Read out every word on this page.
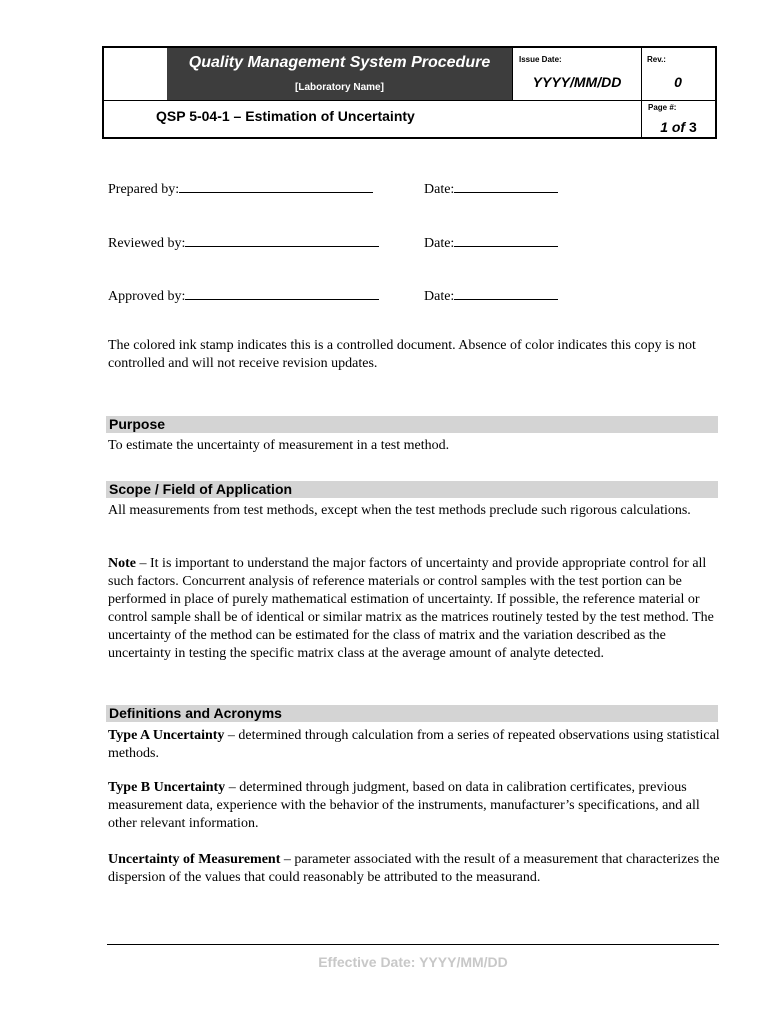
Quality Management System Procedure
[Laboratory Name]
Issue Date:
YYYY/MM/DD
Rev.:
0
QSP 5-04-1 – Estimation of Uncertainty
Page #:
1 of 3
Prepared by:	Date:
Reviewed by:	Date:
Approved by:	Date:
The colored ink stamp indicates this is a controlled document. Absence of color indicates this copy is not controlled and will not receive revision updates.
Purpose
To estimate the uncertainty of measurement in a test method.
Scope / Field of Application
All measurements from test methods, except when the test methods preclude such rigorous calculations.
Note – It is important to understand the major factors of uncertainty and provide appropriate control for all such factors. Concurrent analysis of reference materials or control samples with the test portion can be performed in place of purely mathematical estimation of uncertainty. If possible, the reference material or control sample shall be of identical or similar matrix as the matrices routinely tested by the test method. The uncertainty of the method can be estimated for the class of matrix and the variation described as the uncertainty in testing the specific matrix class at the average amount of analyte detected.
Definitions and Acronyms
Type A Uncertainty – determined through calculation from a series of repeated observations using statistical methods.
Type B Uncertainty – determined through judgment, based on data in calibration certificates, previous measurement data, experience with the behavior of the instruments, manufacturer’s specifications, and all other relevant information.
Uncertainty of Measurement – parameter associated with the result of a measurement that characterizes the dispersion of the values that could reasonably be attributed to the measurand.
Effective Date: YYYY/MM/DD
